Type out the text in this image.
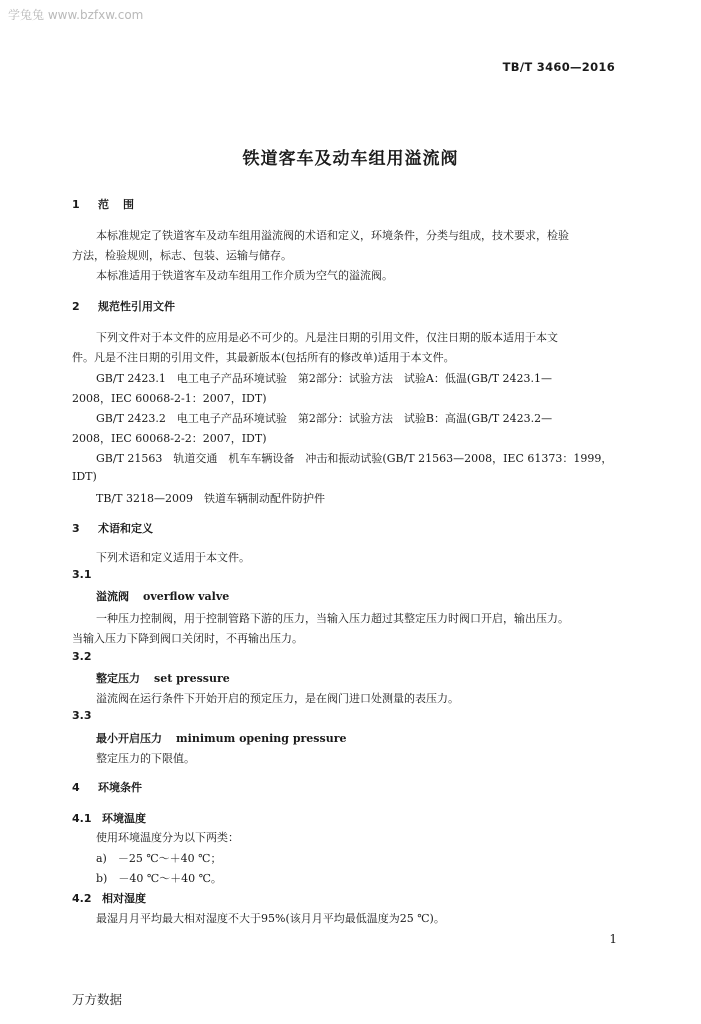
学兔兔 www.bzfxw.com
TB/T 3460—2016
铁道客车及动车组用溢流阀
1 范围
本标准规定了铁道客车及动车组用溢流阀的术语和定义，环境条件，分类与组成，技术要求，检验
方法，检验规则，标志、包装、运输与储存。
本标准适用于铁道客车及动车组用工作介质为空气的溢流阀。
2 规范性引用文件
下列文件对于本文件的应用是必不可少的。凡是注日期的引用文件，仅注日期的版本适用于本文
件。凡是不注日期的引用文件，其最新版本(包括所有的修改单)适用于本文件。
GB/T 2423.1　电工电子产品环境试验　第2部分：试验方法　试验A：低温(GB/T 2423.1—
2008，IEC 60068-2-1：2007，IDT)
GB/T 2423.2　电工电子产品环境试验　第2部分：试验方法　试验B：高温(GB/T 2423.2—
2008，IEC 60068-2-2：2007，IDT)
GB/T 21563　轨道交通　机车车辆设备　冲击和振动试验(GB/T 21563—2008，IEC 61373：1999，
IDT)
TB/T 3218—2009　铁道车辆制动配件防护件
3 术语和定义
下列术语和定义适用于本文件。
3.1
溢流阀 overflow valve
一种压力控制阀，用于控制管路下游的压力，当输入压力超过其整定压力时阀口开启，输出压力。
当输入压力下降到阀口关闭时，不再输出压力。
3.2
整定压力 set pressure
溢流阀在运行条件下开始开启的预定压力，是在阀门进口处测量的表压力。
3.3
最小开启压力 minimum opening pressure
整定压力的下限值。
4 环境条件
4.1 环境温度
使用环境温度分为以下两类：
a)　－25 ℃～＋40 ℃；
b)　－40 ℃～＋40 ℃。
4.2 相对湿度
最湿月月平均最大相对湿度不大于95%(该月月平均最低温度为25 ℃)。
1
万方数据
